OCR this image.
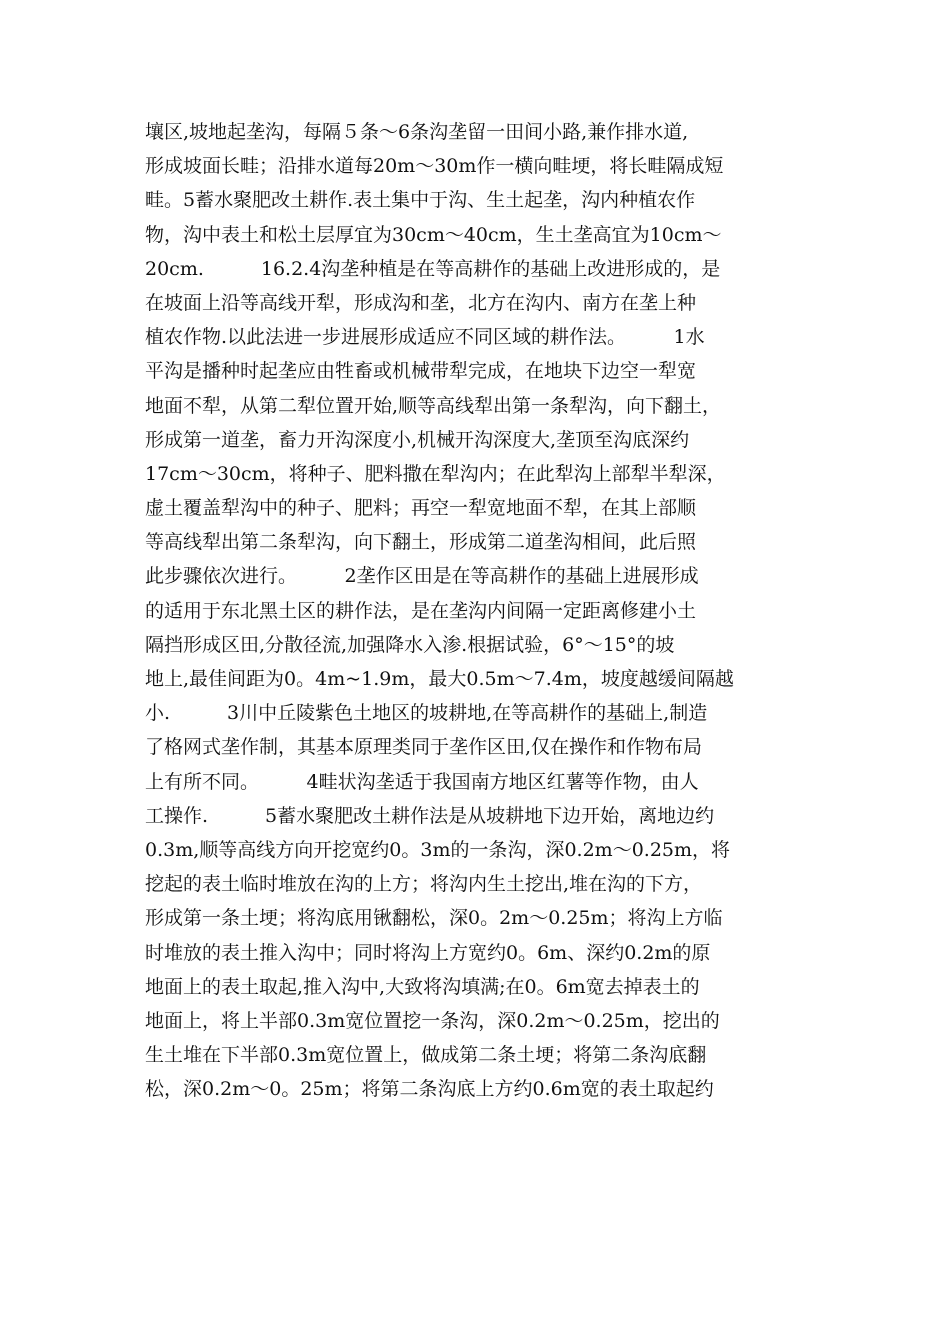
壤区,坡地起垄沟，每隔５条～6条沟垄留一田间小路,兼作排水道,
形成坡面长畦；沿排水道每20m～30m作一横向畦埂，将长畦隔成短
畦。5蓄水聚肥改土耕作.表土集中于沟、生土起垄，沟内种植农作
物，沟中表土和松土层厚宜为30cm～40cm，生土垄高宜为10cm～
20cm.　　　16.2.4沟垄种植是在等高耕作的基础上改进形成的，是
在坡面上沿等高线开犁，形成沟和垄，北方在沟内、南方在垄上种
植农作物.以此法进一步进展形成适应不同区域的耕作法。　　　1水
平沟是播种时起垄应由牲畜或机械带犁完成，在地块下边空一犁宽
地面不犁，从第二犁位置开始,顺等高线犁出第一条犁沟，向下翻土，
形成第一道垄，畜力开沟深度小,机械开沟深度大,垄顶至沟底深约
17cm～30cm，将种子、肥料撒在犁沟内；在此犁沟上部犁半犁深，
虚土覆盖犁沟中的种子、肥料；再空一犁宽地面不犁，在其上部顺
等高线犁出第二条犁沟，向下翻土，形成第二道垄沟相间，此后照
此步骤依次进行。　　　2垄作区田是在等高耕作的基础上进展形成
的适用于东北黑土区的耕作法，是在垄沟内间隔一定距离修建小土
隔挡形成区田,分散径流,加强降水入渗.根据试验，6°～15°的坡
地上,最佳间距为0。4m~1.9m，最大0.5m～7.4m，坡度越缓间隔越
小.　　　3川中丘陵紫色土地区的坡耕地,在等高耕作的基础上,制造
了格网式垄作制，其基本原理类同于垄作区田,仅在操作和作物布局
上有所不同。　　　4畦状沟垄适于我国南方地区红薯等作物，由人
工操作.　　　5蓄水聚肥改土耕作法是从坡耕地下边开始，离地边约
0.3m,顺等高线方向开挖宽约0。3m的一条沟，深0.2m～0.25m，将
挖起的表土临时堆放在沟的上方；将沟内生土挖出,堆在沟的下方，
形成第一条土埂；将沟底用锹翻松，深0。2m～0.25m；将沟上方临
时堆放的表土推入沟中；同时将沟上方宽约0。6m、深约0.2m的原
地面上的表土取起,推入沟中,大致将沟填满;在0。6m宽去掉表土的
地面上，将上半部0.3m宽位置挖一条沟，深0.2m～0.25m，挖出的
生土堆在下半部0.3m宽位置上，做成第二条土埂；将第二条沟底翻
松，深0.2m～0。25m；将第二条沟底上方约0.6m宽的表土取起约
